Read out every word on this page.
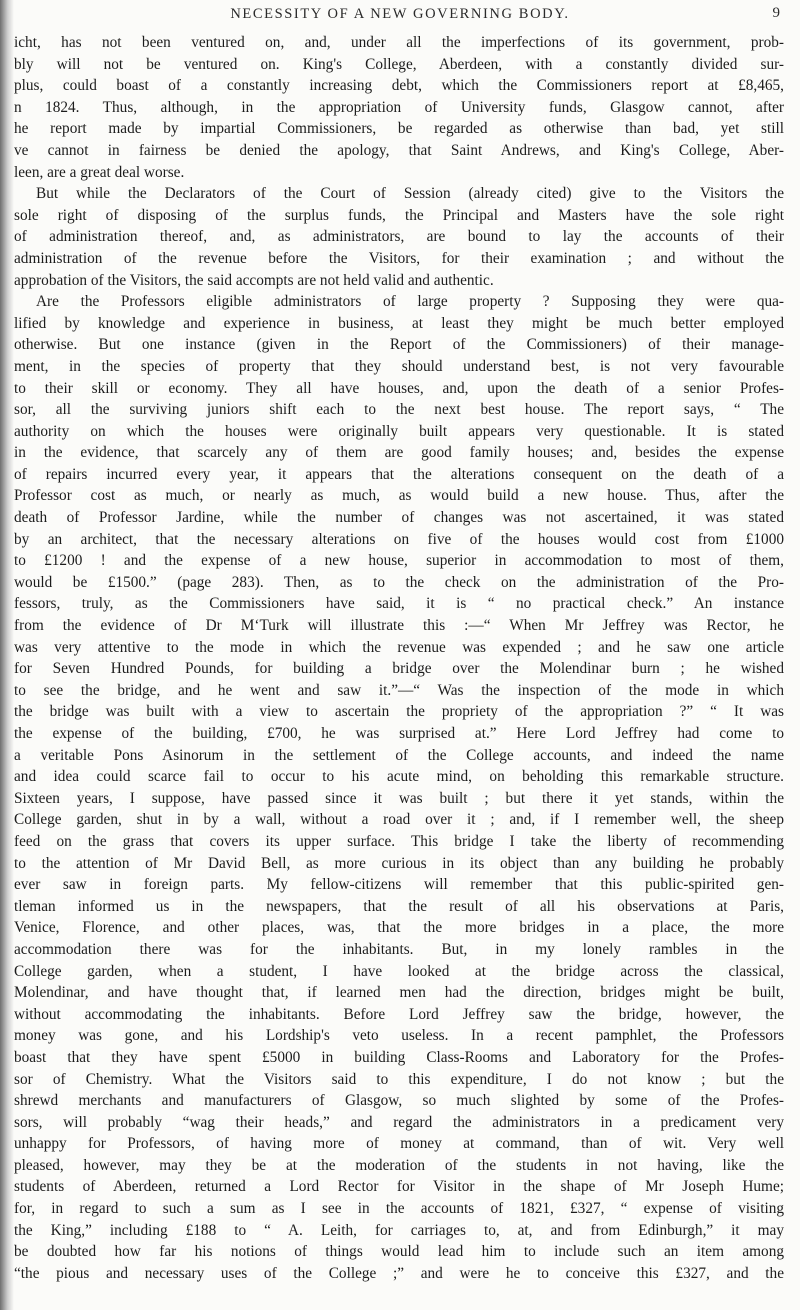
NECESSITY OF A NEW GOVERNING BODY.	9
icht, has not been ventured on, and, under all the imperfections of its government, prob-
bly will not be ventured on. King's College, Aberdeen, with a constantly divided sur-
plus, could boast of a constantly increasing debt, which the Commissioners report at £8,465,
n 1824. Thus, although, in the appropriation of University funds, Glasgow cannot, after
he report made by impartial Commissioners, be regarded as otherwise than bad, yet still
ve cannot in fairness be denied the apology, that Saint Andrews, and King's College, Aber-
leen, are a great deal worse.
But while the Declarators of the Court of Session (already cited) give to the Visitors the
sole right of disposing of the surplus funds, the Principal and Masters have the sole right
of administration thereof, and, as administrators, are bound to lay the accounts of their
administration of the revenue before the Visitors, for their examination ; and without the
approbation of the Visitors, the said accompts are not held valid and authentic.
Are the Professors eligible administrators of large property ? Supposing they were qua-
lified by knowledge and experience in business, at least they might be much better employed
otherwise. But one instance (given in the Report of the Commissioners) of their manage-
ment, in the species of property that they should understand best, is not very favourable
to their skill or economy. They all have houses, and, upon the death of a senior Profes-
sor, all the surviving juniors shift each to the next best house. The report says, “ The
authority on which the houses were originally built appears very questionable. It is stated
in the evidence, that scarcely any of them are good family houses; and, besides the expense
of repairs incurred every year, it appears that the alterations consequent on the death of a
Professor cost as much, or nearly as much, as would build a new house. Thus, after the
death of Professor Jardine, while the number of changes was not ascertained, it was stated
by an architect, that the necessary alterations on five of the houses would cost from £1000
to £1200 ! and the expense of a new house, superior in accommodation to most of them,
would be £1500.” (page 283). Then, as to the check on the administration of the Pro-
fessors, truly, as the Commissioners have said, it is “ no practical check.” An instance
from the evidence of Dr M‘Turk will illustrate this :—“ When Mr Jeffrey was Rector, he
was very attentive to the mode in which the revenue was expended ; and he saw one article
for Seven Hundred Pounds, for building a bridge over the Molendinar burn ; he wished
to see the bridge, and he went and saw it.”—“ Was the inspection of the mode in which
the bridge was built with a view to ascertain the propriety of the appropriation ?” “ It was
the expense of the building, £700, he was surprised at.” Here Lord Jeffrey had come to
a veritable Pons Asinorum in the settlement of the College accounts, and indeed the name
and idea could scarce fail to occur to his acute mind, on beholding this remarkable structure.
Sixteen years, I suppose, have passed since it was built ; but there it yet stands, within the
College garden, shut in by a wall, without a road over it ; and, if I remember well, the sheep
feed on the grass that covers its upper surface. This bridge I take the liberty of recommending
to the attention of Mr David Bell, as more curious in its object than any building he probably
ever saw in foreign parts. My fellow-citizens will remember that this public-spirited gen-
tleman informed us in the newspapers, that the result of all his observations at Paris,
Venice, Florence, and other places, was, that the more bridges in a place, the more
accommodation there was for the inhabitants. But, in my lonely rambles in the
College garden, when a student, I have looked at the bridge across the classical,
Molendinar, and have thought that, if learned men had the direction, bridges might be built,
without accommodating the inhabitants. Before Lord Jeffrey saw the bridge, however, the
money was gone, and his Lordship's veto useless. In a recent pamphlet, the Professors
boast that they have spent £5000 in building Class-Rooms and Laboratory for the Profes-
sor of Chemistry. What the Visitors said to this expenditure, I do not know ; but the
shrewd merchants and manufacturers of Glasgow, so much slighted by some of the Profes-
sors, will probably “wag their heads,” and regard the administrators in a predicament very
unhappy for Professors, of having more of money at command, than of wit. Very well
pleased, however, may they be at the moderation of the students in not having, like the
students of Aberdeen, returned a Lord Rector for Visitor in the shape of Mr Joseph Hume;
for, in regard to such a sum as I see in the accounts of 1821, £327, “ expense of visiting
the King,” including £188 to “ A. Leith, for carriages to, at, and from Edinburgh,” it may
be doubted how far his notions of things would lead him to include such an item among
“the pious and necessary uses of the College ;” and were he to conceive this £327, and the
